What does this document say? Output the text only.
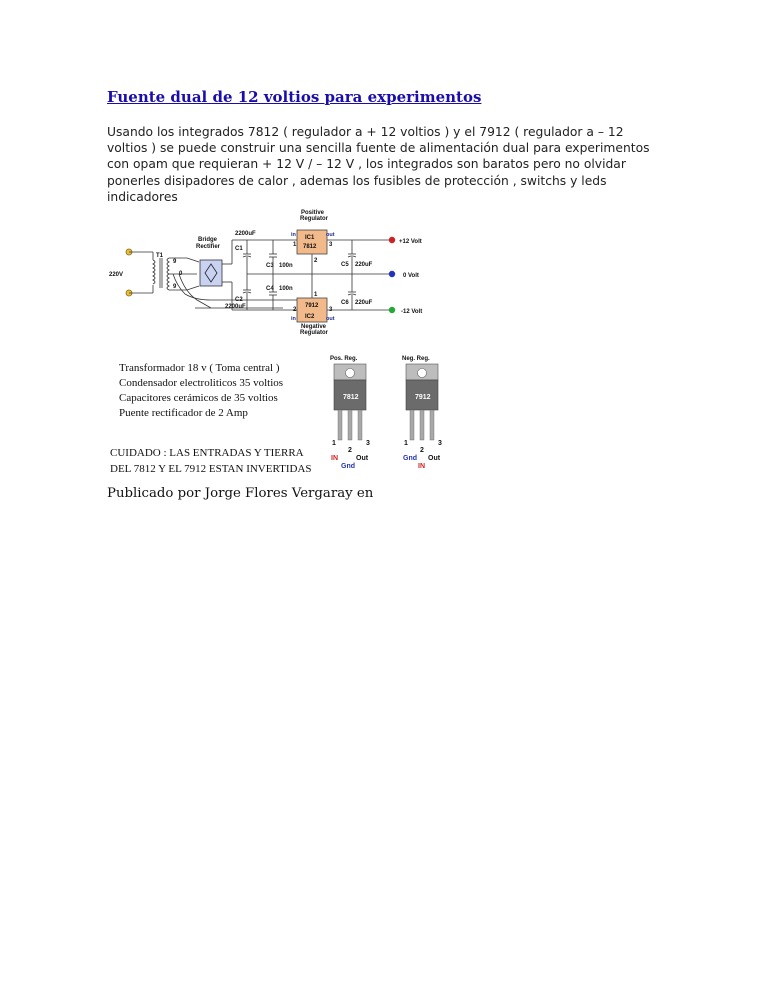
Fuente dual de 12 voltios para experimentos
Usando los integrados 7812 ( regulador a + 12 voltios ) y el 7912 ( regulador a – 12 voltios ) se puede construir una sencilla fuente de alimentación dual para experimentos con opam que requieran + 12 V / – 12 V , los integrados son baratos pero no olvidar ponerles disipadores de calor , ademas los fusibles de protección , switchs y leds indicadores
220V
T1
9
0
9
Bridge
Rectifier C1
2200uF
C2
2200uF
C3 100n
C4 100n
C5 220uF
C6 220uF
Positive
Regulator
IC1
7812
in	out
1
2
3
7912
IC2
Negative
Regulator
in	out
1
2	3
+12 Volt
0 Volt
-12 Volt
Transformador 18 v ( Toma central )
Condensador electroliticos 35 voltios
Capacitores cerámicos de 35 voltios
Puente rectificador de 2 Amp
CUIDADO : LAS ENTRADAS Y TIERRA
DEL 7812 Y EL 7912 ESTAN INVERTIDAS
Pos. Reg.
7812
1
2
3
IN	Out
Gnd
Neg. Reg.
7912
1
2
3
Gnd Out
IN
Publicado por Jorge Flores Vergaray en
